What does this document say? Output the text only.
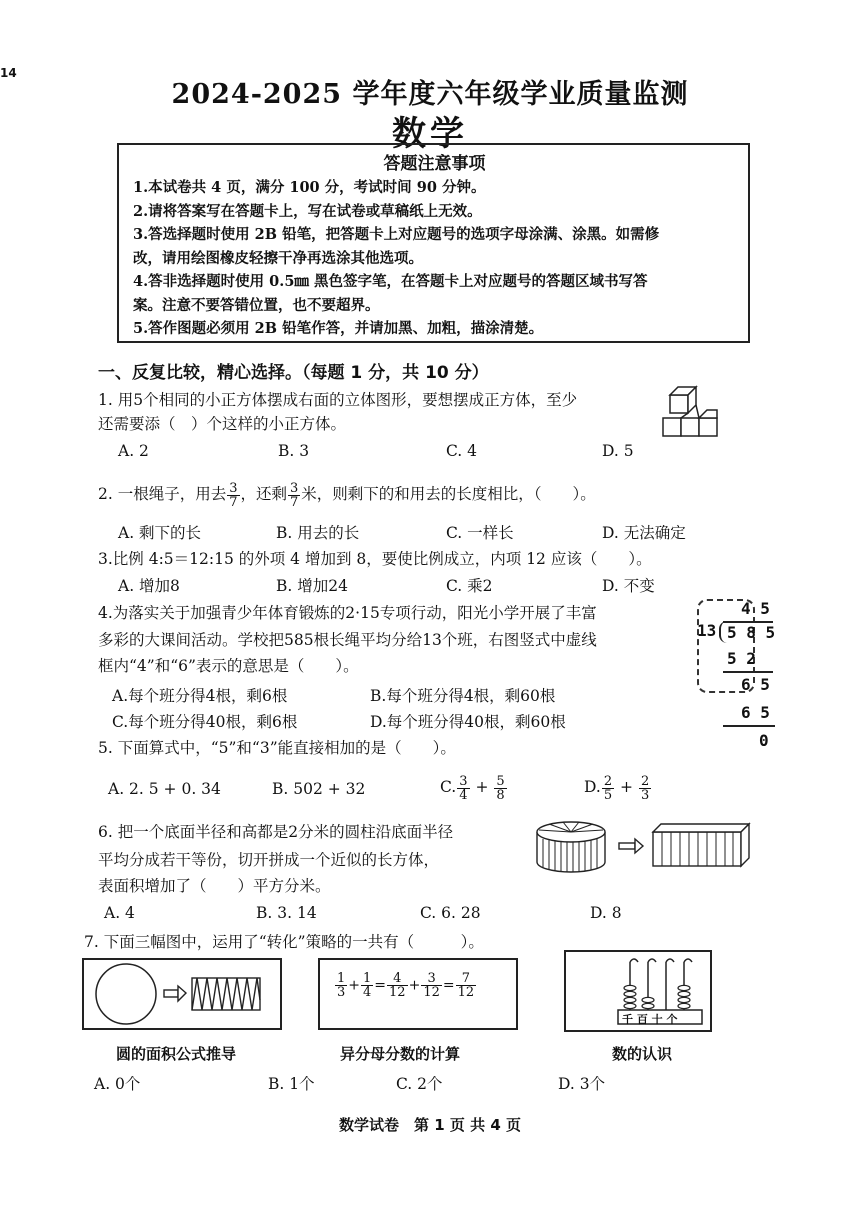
14
2024-2025 学年度六年级学业质量监测
数学
答题注意事项
1.本试卷共 4 页，满分 100 分，考试时间 90 分钟。
2.请将答案写在答题卡上，写在试卷或草稿纸上无效。
3.答选择题时使用 2B 铅笔，把答题卡上对应题号的选项字母涂满、涂黑。如需修
改，请用绘图橡皮轻擦干净再选涂其他选项。
4.答非选择题时使用 0.5㎜ 黑色签字笔，在答题卡上对应题号的答题区域书写答
案。注意不要答错位置，也不要超界。
5.答作图题必须用 2B 铅笔作答，并请加黑、加粗，描涂清楚。
一、反复比较，精心选择。（每题 1 分，共 10 分）
1. 用5个相同的小正方体摆成右面的立体图形，要想摆成正方体，至少
还需要添（　）个这样的小正方体。
A. 2	B. 3	C. 4	D. 5
2. 一根绳子，用去 $\frac{3}{7}$ ，还剩 $\frac{3}{7}$ 米，则剩下的和用去的长度相比，（　　）。
A. 剩下的长	B. 用去的长	C. 一样长	D. 无法确定
3.比例 4:5＝12:15 的外项 4 增加到 8，要使比例成立，内项 12 应该（　　）。
A. 增加8	B. 增加24	C. 乘2	D. 不变
4.为落实关于加强青少年体育锻炼的2·15专项行动，阳光小学开展了丰富
多彩的大课间活动。学校把585根长绳平均分给13个班，右图竖式中虚线
框内“4”和“6”表示的意思是（　　）。
A.每个班分得4根，剩6根	B.每个班分得4根，剩60根
C.每个班分得40根，剩6根	D.每个班分得40根，剩60根
4 5
13 5 8 5
5 2
6 5
6 5
0
5. 下面算式中，“5”和“3”能直接相加的是（　　）。
A. 2. 5 + 0. 34	B. 502 + 32	C. $\frac{3}{4} + \frac{5}{8}$	D. $\frac{2}{5} + \frac{2}{3}$
6. 把一个底面半径和高都是2分米的圆柱沿底面半径
平均分成若干等份，切开拼成一个近似的长方体，
表面积增加了（　　）平方分米。
A. 4	B. 3. 14	C. 6. 28	D. 8
7. 下面三幅图中，运用了“转化”策略的一共有（　　　）。
$\frac{1}{3} + \frac{1}{4} = \frac{4}{12} + \frac{3}{12} = \frac{7}{12}$
千 百 十 个
圆的面积公式推导	异分母分数的计算	数的认识
A. 0个	B. 1个	C. 2个	D. 3个
数学试卷　第 1 页 共 4 页
